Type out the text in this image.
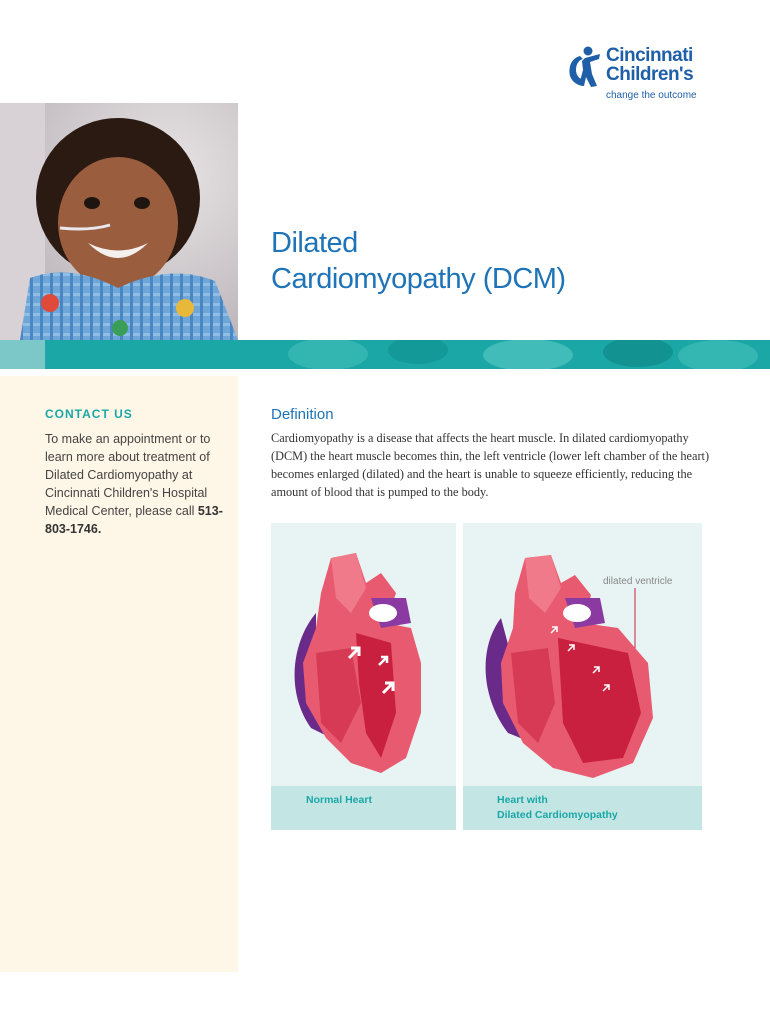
Cincinnati
Children's
change the outcome
Dilated
Cardiomyopathy (DCM)
CONTACT US
To make an appointment or to learn more about treatment of Dilated Cardiomyopathy at Cincinnati Children's Hospital Medical Center, please call 513-803-1746.
Definition
Cardiomyopathy is a disease that affects the heart muscle. In dilated cardiomyopathy (DCM) the heart muscle becomes thin, the left ventricle (lower left chamber of the heart) becomes enlarged (dilated) and the heart is unable to squeeze efficiently, reducing the amount of blood that is pumped to the body.
Normal Heart
dilated ventricle
Heart with
Dilated Cardiomyopathy
